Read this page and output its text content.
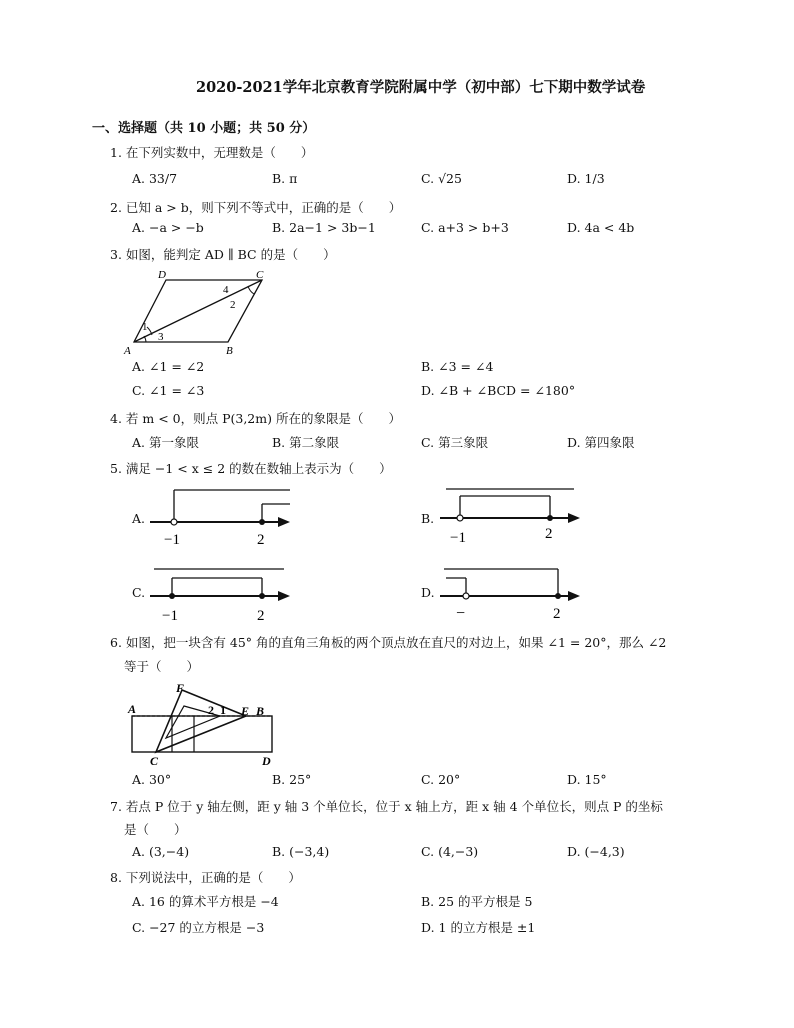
2020-2021学年北京教育学院附属中学（初中部）七下期中数学试卷
一、选择题（共 10 小题；共 50 分）
1. 在下列实数中，无理数是（　　）
A. 33/7	B. π	C. √25	D. 1/3
2. 已知 a > b，则下列不等式中，正确的是（　　）
A. −a > −b	B. 2a−1 > 3b−1	C. a+3 > b+3	D. 4a < 4b
3. 如图，能判定 AD ∥ BC 的是（　　）
D	C
A	B
1
2
3
4
A. ∠1 = ∠2	B. ∠3 = ∠4
C. ∠1 = ∠3	D. ∠B + ∠BCD = ∠180°
4. 若 m < 0，则点 P(3,2m) 所在的象限是（　　）
A. 第一象限	B. 第二象限	C. 第三象限	D. 第四象限
5. 满足 −1 < x ≤ 2 的数在数轴上表示为（　　）
A.
−1	2
B.
−1	2
C.
−1	2
D.
−	2
6. 如图，把一块含有 45° 角的直角三角板的两个顶点放在直尺的对边上，如果 ∠1 = 20°，那么 ∠2
等于（　　）
F
A	E B
C	D
2 1
A. 30°	B. 25°	C. 20°	D. 15°
7. 若点 P 位于 y 轴左侧，距 y 轴 3 个单位长，位于 x 轴上方，距 x 轴 4 个单位长，则点 P 的坐标
是（　　）
A. (3,−4)	B. (−3,4)	C. (4,−3)	D. (−4,3)
8. 下列说法中，正确的是（　　）
A. 16 的算术平方根是 −4	B. 25 的平方根是 5
C. −27 的立方根是 −3	D. 1 的立方根是 ±1
